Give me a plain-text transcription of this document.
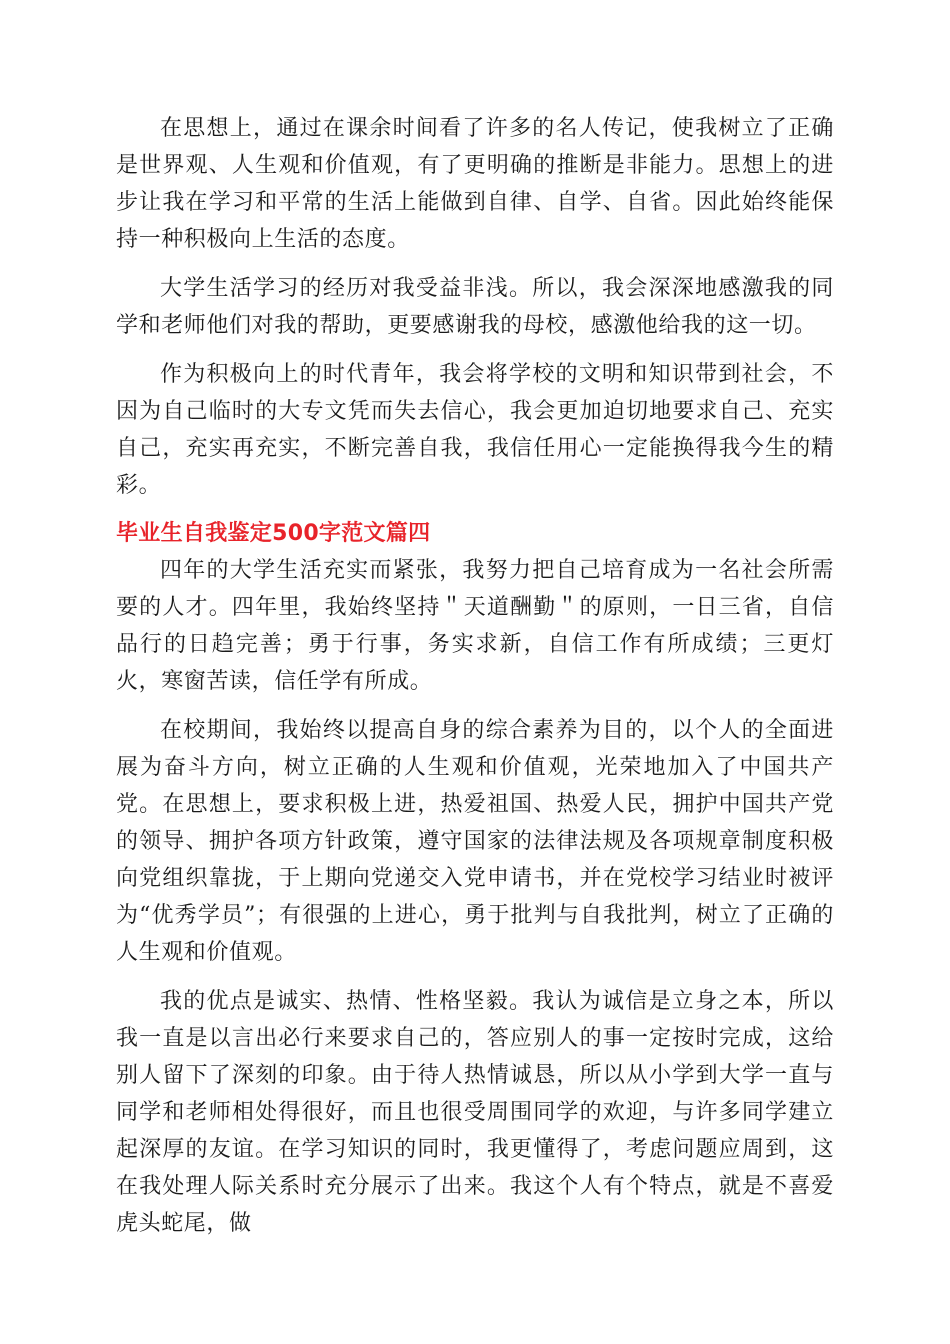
在思想上，通过在课余时间看了许多的名人传记，使我树立了正确是世界观、人生观和价值观，有了更明确的推断是非能力。思想上的进步让我在学习和平常的生活上能做到自律、自学、自省。因此始终能保持一种积极向上生活的态度。

大学生活学习的经历对我受益非浅。所以，我会深深地感激我的同学和老师他们对我的帮助，更要感谢我的母校，感激他给我的这一切。

作为积极向上的时代青年，我会将学校的文明和知识带到社会，不因为自己临时的大专文凭而失去信心，我会更加迫切地要求自己、充实自己，充实再充实，不断完善自我，我信任用心一定能换得我今生的精彩。

毕业生自我鉴定500字范文篇四

四年的大学生活充实而紧张，我努力把自己培育成为一名社会所需要的人才。四年里，我始终坚持＂天道酬勤＂的原则，一日三省，自信品行的日趋完善；勇于行事，务实求新，自信工作有所成绩；三更灯火，寒窗苦读，信任学有所成。

在校期间，我始终以提高自身的综合素养为目的，以个人的全面进展为奋斗方向，树立正确的人生观和价值观，光荣地加入了中国共产党。在思想上，要求积极上进，热爱祖国、热爱人民，拥护中国共产党的领导、拥护各项方针政策，遵守国家的法律法规及各项规章制度积极向党组织靠拢，于上期向党递交入党申请书，并在党校学习结业时被评为“优秀学员”；有很强的上进心，勇于批判与自我批判，树立了正确的人生观和价值观。

我的优点是诚实、热情、性格坚毅。我认为诚信是立身之本，所以我一直是以言出必行来要求自己的，答应别人的事一定按时完成，这给别人留下了深刻的印象。由于待人热情诚恳，所以从小学到大学一直与同学和老师相处得很好，而且也很受周围同学的欢迎，与许多同学建立起深厚的友谊。在学习知识的同时，我更懂得了，考虑问题应周到，这在我处理人际关系时充分展示了出来。我这个人有个特点，就是不喜爱虎头蛇尾，做
